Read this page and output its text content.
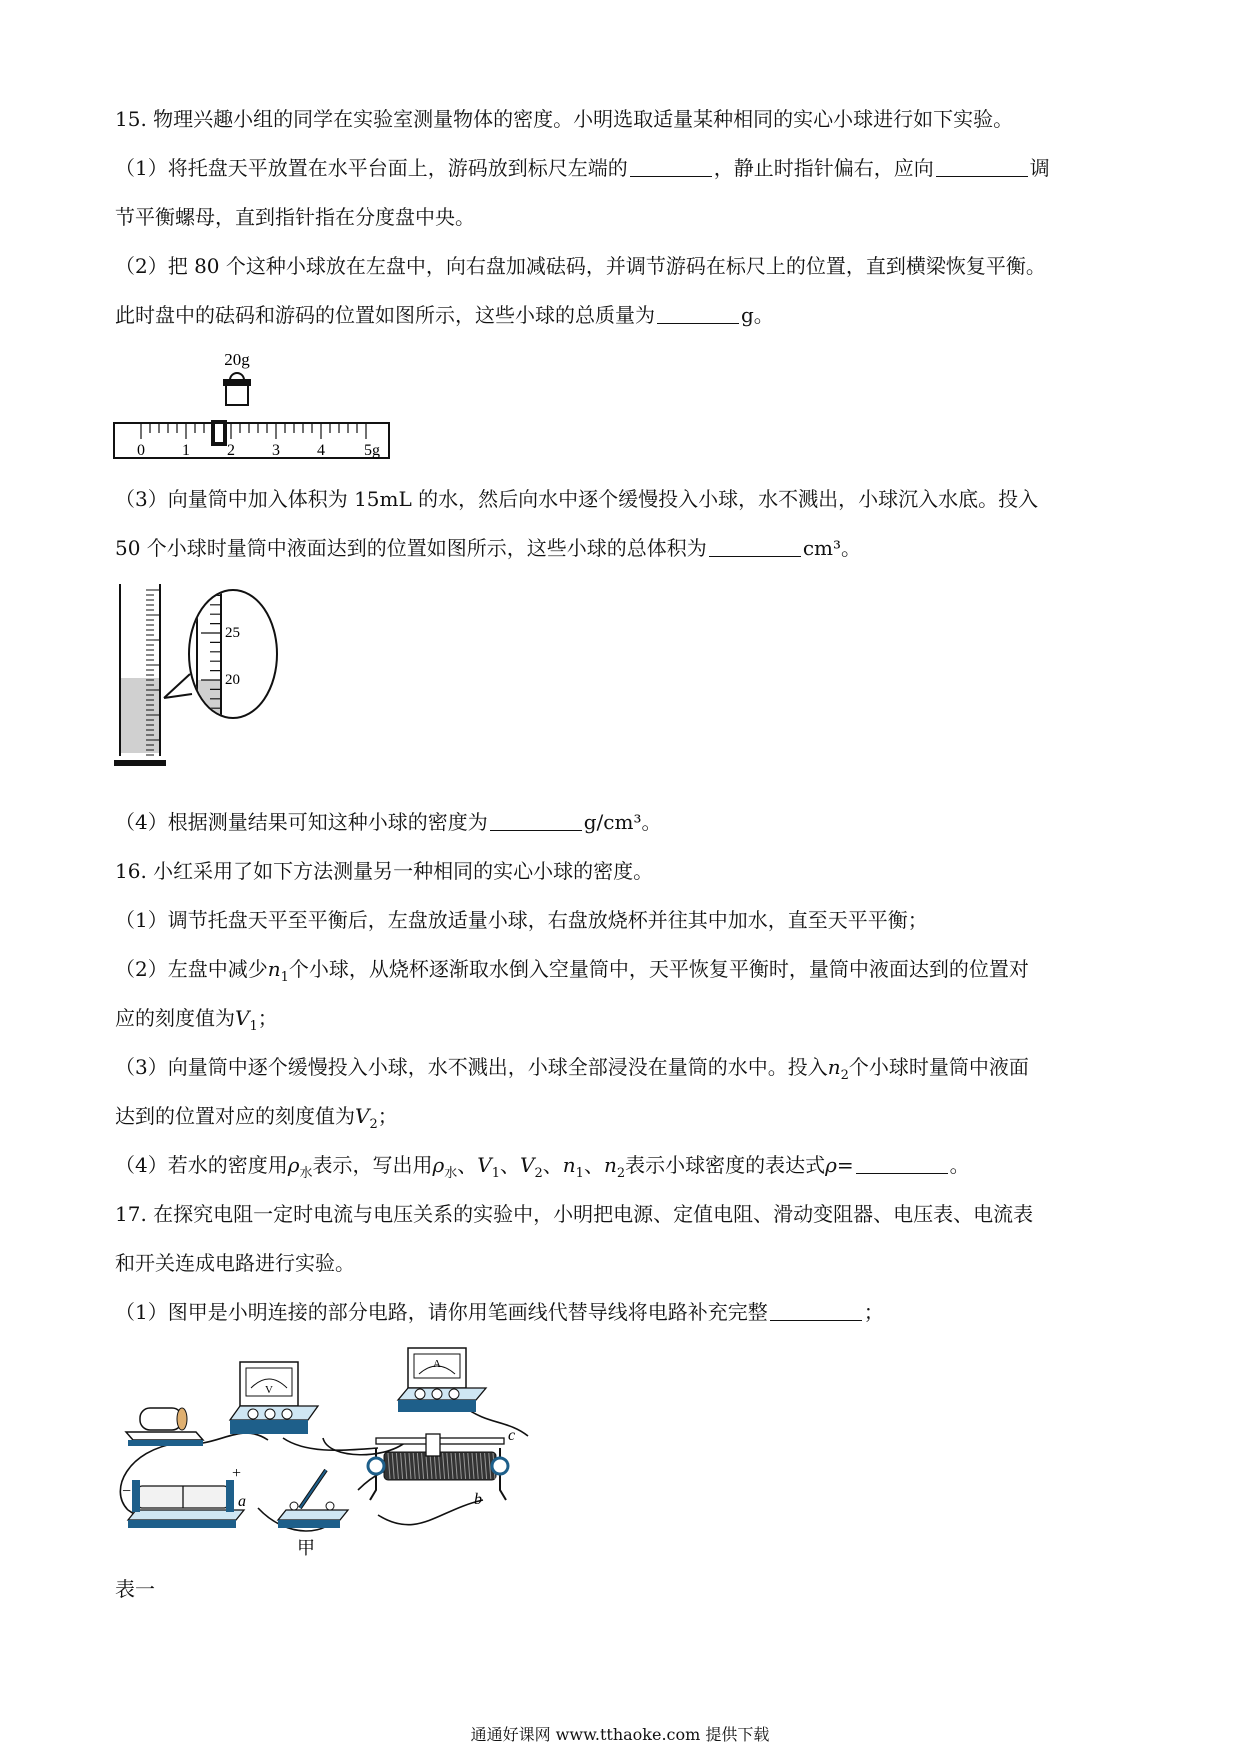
15. 物理兴趣小组的同学在实验室测量物体的密度。小明选取适量某种相同的实心小球进行如下实验。
（1）将托盘天平放置在水平台面上，游码放到标尺左端的	，静止时指针偏右，应向	调
节平衡螺母，直到指针指在分度盘中央。
（2）把 80 个这种小球放在左盘中，向右盘加减砝码，并调节游码在标尺上的位置，直到横梁恢复平衡。
此时盘中的砝码和游码的位置如图所示，这些小球的总质量为	g。
20g
0 1 2 3 4 5g
（3）向量筒中加入体积为 15mL 的水，然后向水中逐个缓慢投入小球，水不溅出，小球沉入水底。投入
50 个小球时量筒中液面达到的位置如图所示，这些小球的总体积为	cm³。
25
20
（4）根据测量结果可知这种小球的密度为	g/cm³。
16. 小红采用了如下方法测量另一种相同的实心小球的密度。
（1）调节托盘天平至平衡后，左盘放适量小球，右盘放烧杯并往其中加水，直至天平平衡；
（2）左盘中减少$n_1$个小球，从烧杯逐渐取水倒入空量筒中，天平恢复平衡时，量筒中液面达到的位置对
应的刻度值为$V_1$；
（3）向量筒中逐个缓慢投入小球，水不溅出，小球全部浸没在量筒的水中。投入$n_2$个小球时量筒中液面
达到的位置对应的刻度值为$V_2$；
（4）若水的密度用$\rho_水$表示，写出用$\rho_水$、$V_1$、$V_2$、$n_1$、$n_2$表示小球密度的表达式ρ=	。
17. 在探究电阻一定时电流与电压关系的实验中，小明把电源、定值电阻、滑动变阻器、电压表、电流表
和开关连成电路进行实验。
（1）图甲是小明连接的部分电路，请你用笔画线代替导线将电路补充完整	；
V
A
−
+
a
甲
b
c
表一
通通好课网 www.tthaoke.com 提供下载
